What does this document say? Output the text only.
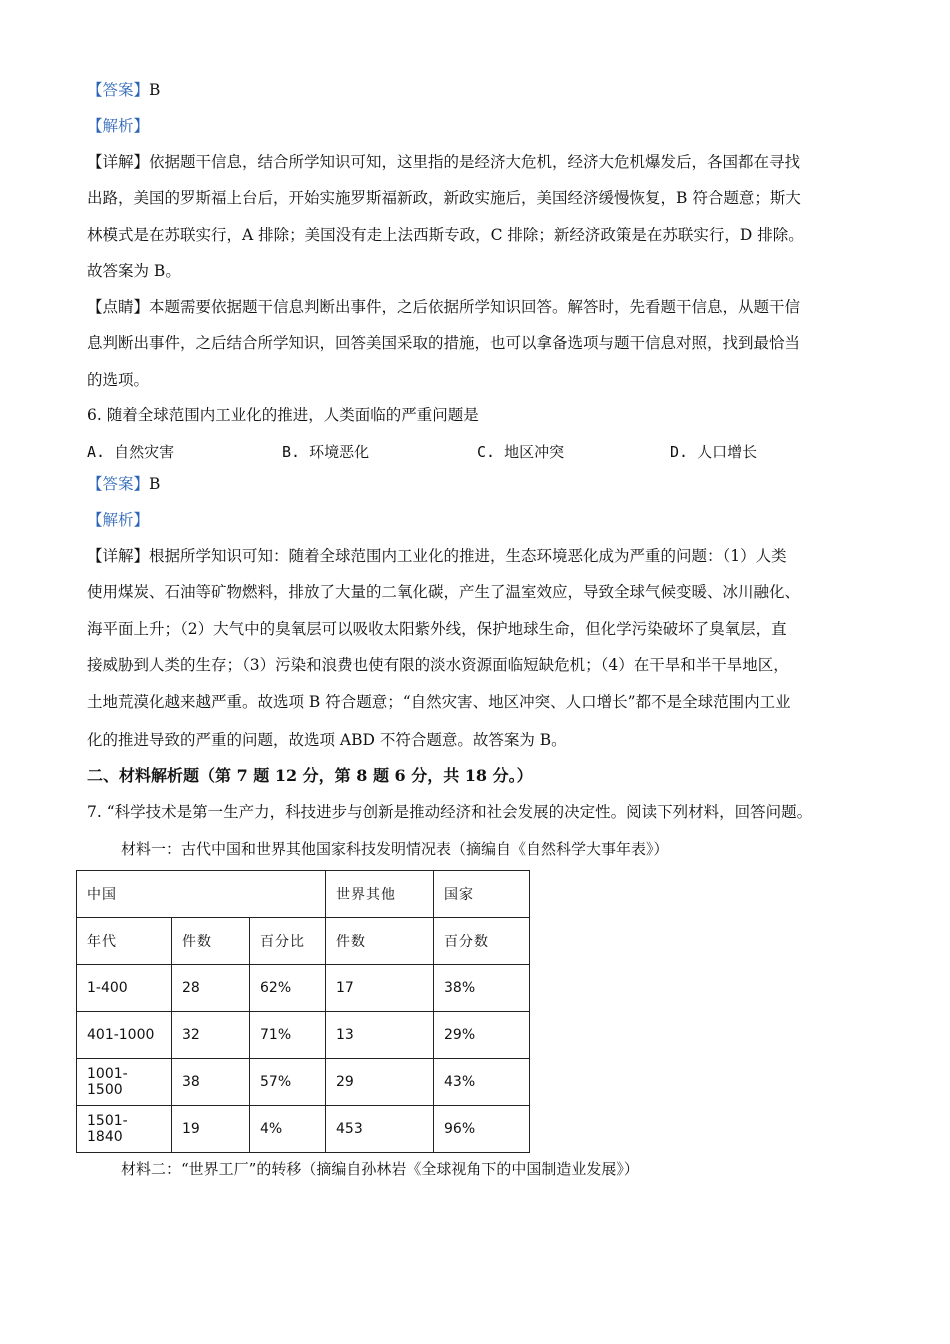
【答案】B
【解析】
【详解】依据题干信息，结合所学知识可知，这里指的是经济大危机，经济大危机爆发后，各国都在寻找
出路，美国的罗斯福上台后，开始实施罗斯福新政，新政实施后，美国经济缓慢恢复，B 符合题意；斯大
林模式是在苏联实行，A 排除；美国没有走上法西斯专政，C 排除；新经济政策是在苏联实行，D 排除。
故答案为 B。
【点睛】本题需要依据题干信息判断出事件，之后依据所学知识回答。解答时，先看题干信息，从题干信
息判断出事件，之后结合所学知识，回答美国采取的措施，也可以拿备选项与题干信息对照，找到最恰当
的选项。
6. 随着全球范围内工业化的推进，人类面临的严重问题是
A. 自然灾害	B. 环境恶化	C. 地区冲突	D. 人口增长
【答案】B
【解析】
【详解】根据所学知识可知：随着全球范围内工业化的推进，生态环境恶化成为严重的问题：（1）人类
使用煤炭、石油等矿物燃料，排放了大量的二氧化碳，产生了温室效应，导致全球气候变暖、冰川融化、
海平面上升；（2）大气中的臭氧层可以吸收太阳紫外线，保护地球生命，但化学污染破坏了臭氧层，直
接威胁到人类的生存；（3）污染和浪费也使有限的淡水资源面临短缺危机；（4）在干旱和半干旱地区，
土地荒漠化越来越严重。故选项 B 符合题意；“自然灾害、地区冲突、人口增长”都不是全球范围内工业
化的推进导致的严重的问题，故选项 ABD 不符合题意。故答案为 B。
二、材料解析题（第 7 题 12 分，第 8 题 6 分，共 18 分。）
7. “科学技术是第一生产力，科技进步与创新是推动经济和社会发展的决定性。阅读下列材料，回答问题。
材料一：古代中国和世界其他国家科技发明情况表（摘编自《自然科学大事年表》）
中国			世界其他	国家
年代	件数	百分比	件数	百分数
1-400	28	62%	17	38%
401-1000	32	71%	13	29%
1001-1500	38	57%	29	43%
1501-1840	19	4%	453	96%
材料二：“世界工厂”的转移（摘编自孙林岩《全球视角下的中国制造业发展》）
